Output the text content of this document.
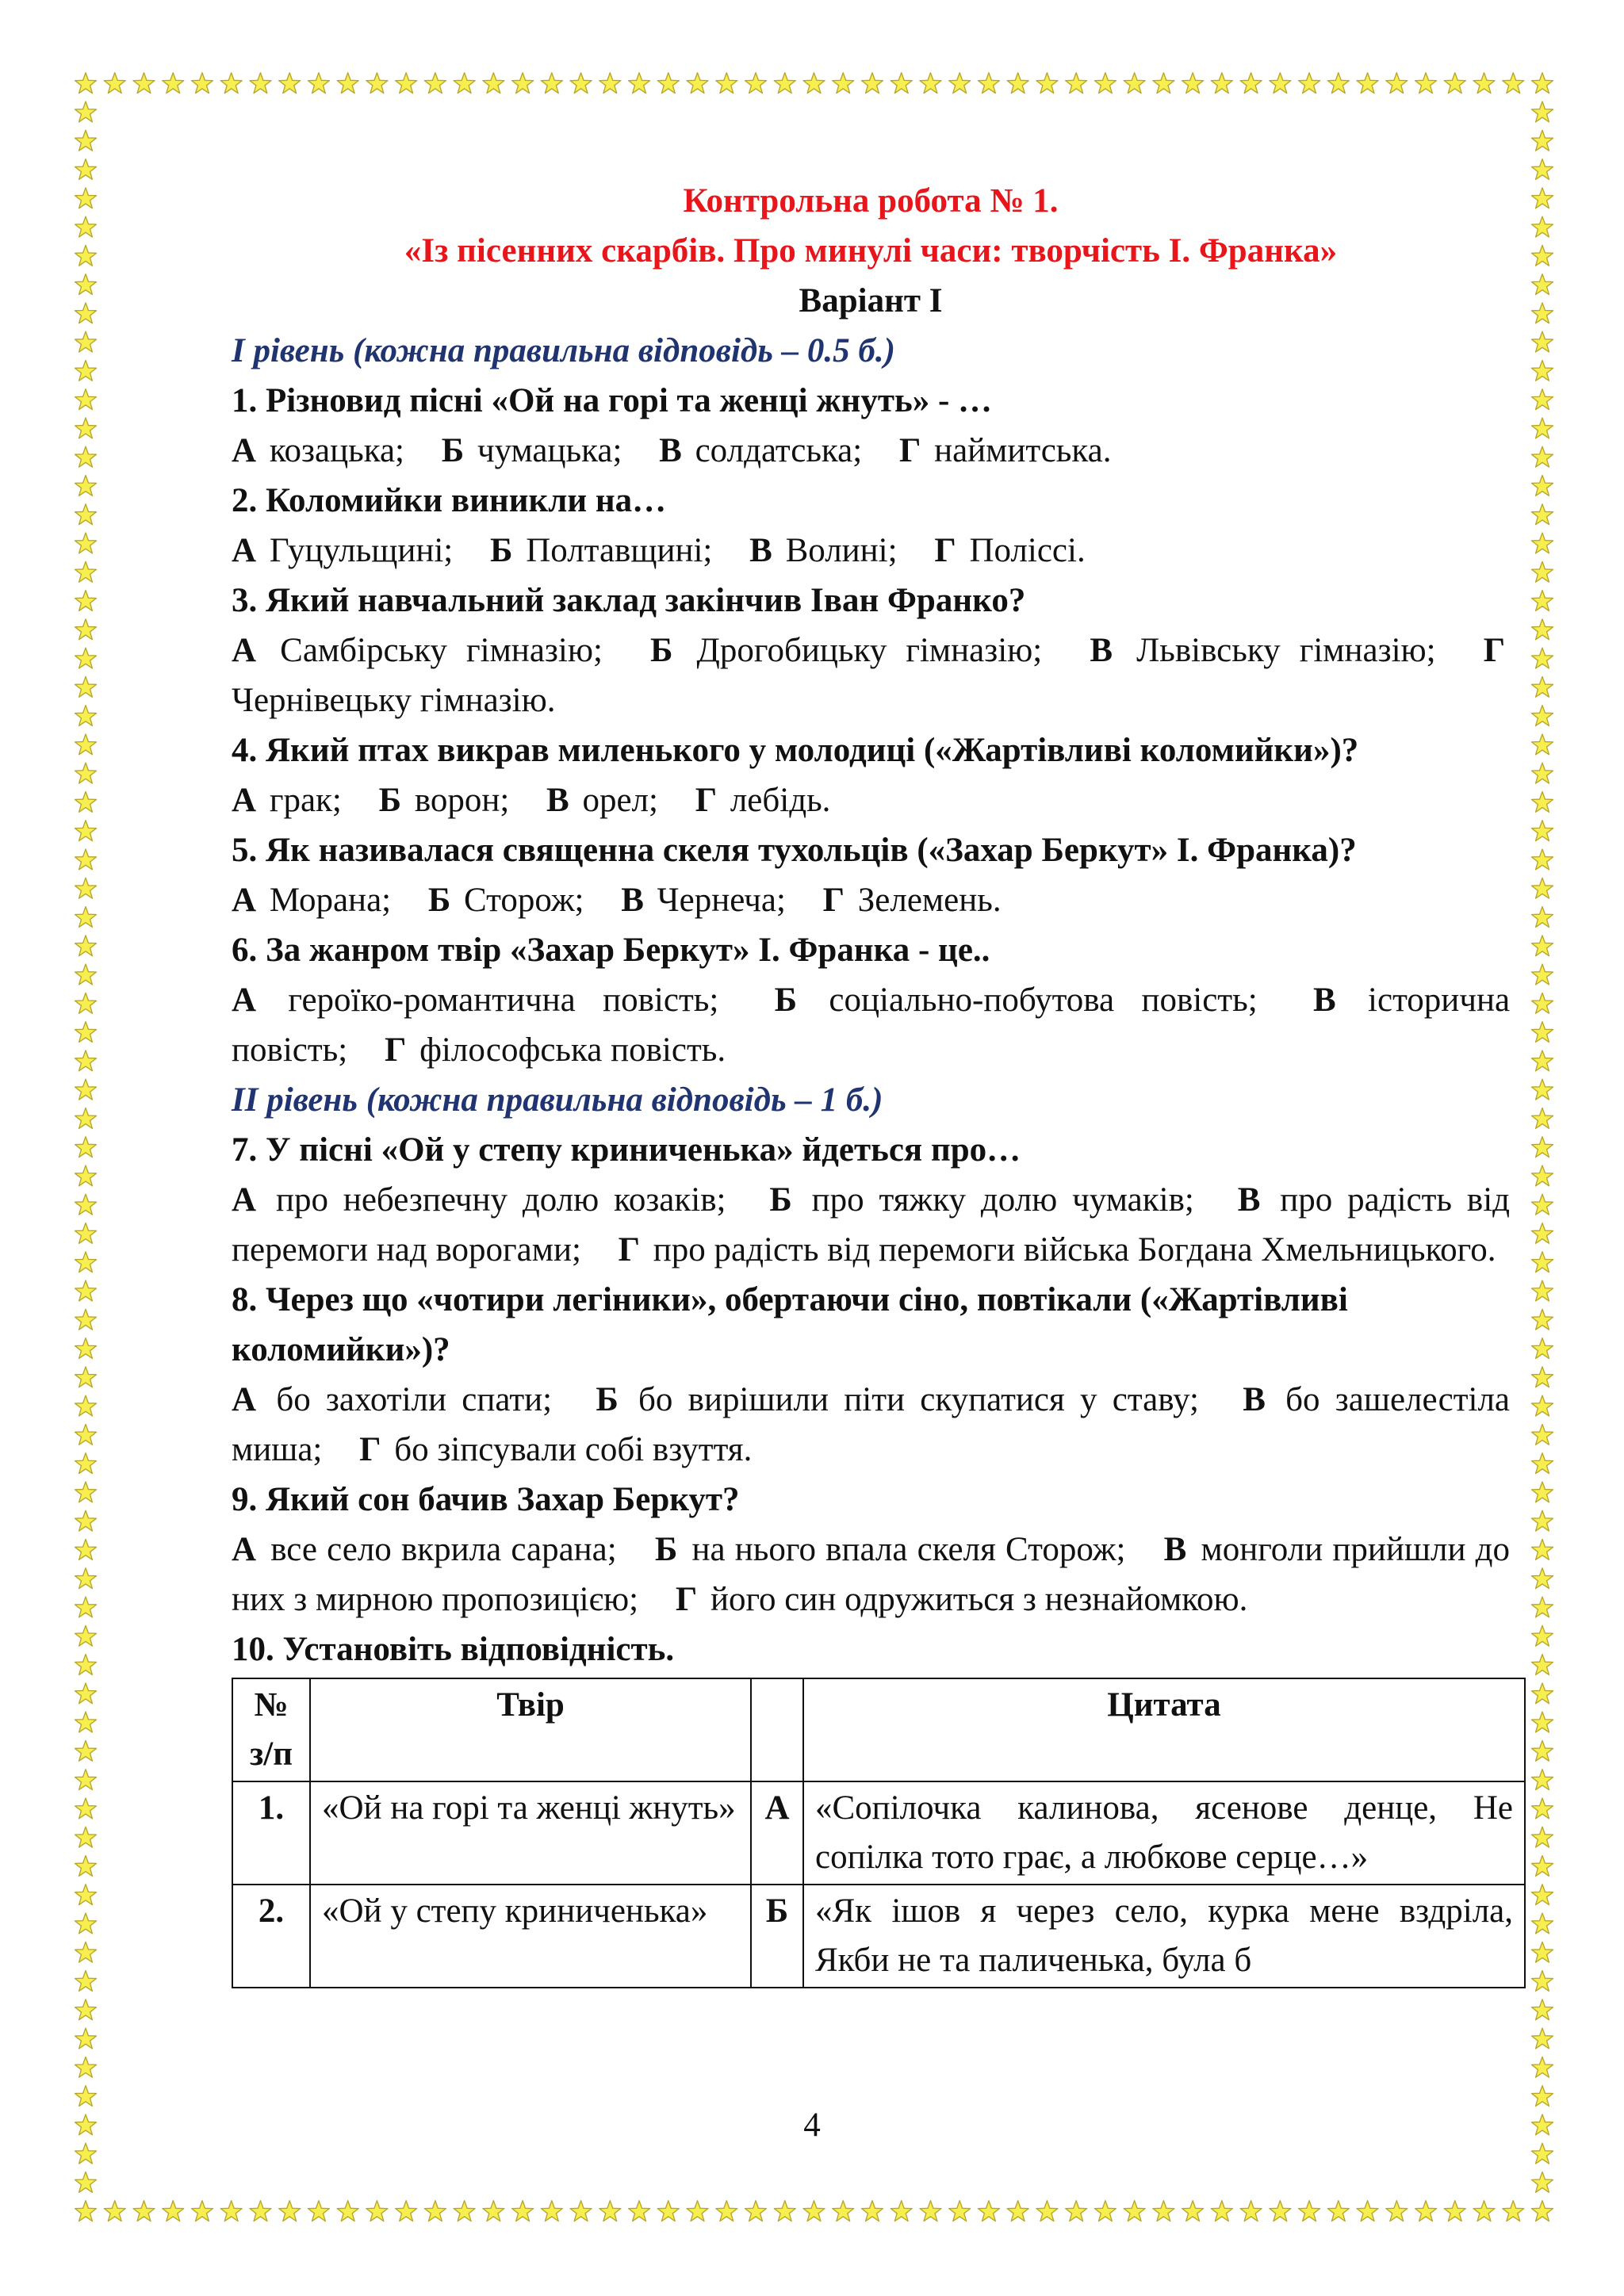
Контрольна робота № 1.
«Із пісенних скарбів. Про минулі часи: творчість І. Франка»
Варіант І
І рівень (кожна правильна відповідь – 0.5 б.)
1. Різновид пісні «Ой на горі та женці жнуть» - …
А козацька; Б чумацька; В солдатська; Г наймитська.
2. Коломийки виникли на…
А Гуцульщині; Б Полтавщині; В Волині; Г Поліссі.
3. Який навчальний заклад закінчив Іван Франко?
А Самбірську гімназію; Б Дрогобицьку гімназію; В Львівську гімназію; Г Чернівецьку гімназію.
4. Який птах викрав миленького у молодиці («Жартівливі коломийки»)?
А грак; Б ворон; В орел; Г лебідь.
5. Як називалася священна скеля тухольців («Захар Беркут» І. Франка)?
А Морана; Б Сторож; В Чернеча; Г Зелемень.
6. За жанром твір «Захар Беркут» І. Франка - це..
А героїко-романтична повість; Б соціально-побутова повість; В історична повість; Г філософська повість.
ІІ рівень (кожна правильна відповідь – 1 б.)
7. У пісні «Ой у степу криниченька» йдеться про…
А про небезпечну долю козаків; Б про тяжку долю чумаків; В про радість від перемоги над ворогами; Г про радість від перемоги війська Богдана Хмельницького.
8. Через що «чотири легіники», обертаючи сіно, повтікали («Жартівливі коломийки»)?
А бо захотіли спати; Б бо вирішили піти скупатися у ставу; В бо зашелестіла миша; Г бо зіпсували собі взуття.
9. Який сон бачив Захар Беркут?
А все село вкрила сарана; Б на нього впала скеля Сторож; В монголи прийшли до них з мирною пропозицією; Г його син одружиться з незнайомкою.
10. Установіть відповідність.
№ з/п	Твір		Цитата
1.	«Ой на горі та женці жнуть»	А	«Сопілочка калинова, ясенове денце, Не сопілка тото грає, а любкове серце…»
2.	«Ой у степу криниченька»	Б	«Як ішов я через село, курка мене вздріла, Якби не та паличенька, була б
4
